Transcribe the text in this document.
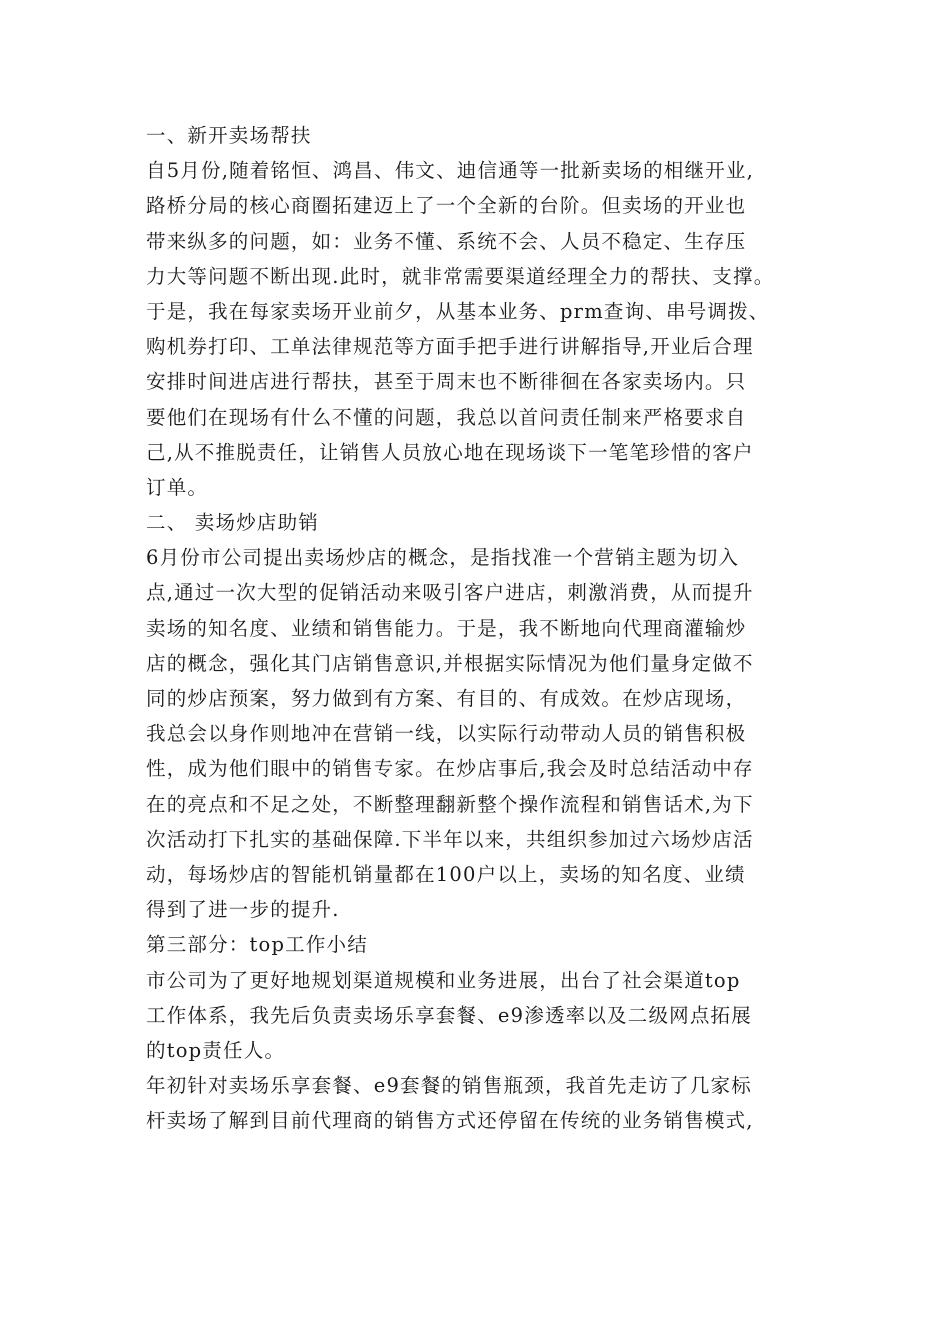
一、新开卖场帮扶
自5月份,随着铭恒、鸿昌、伟文、迪信通等一批新卖场的相继开业,
路桥分局的核心商圈拓建迈上了一个全新的台阶。但卖场的开业也
带来纵多的问题，如：业务不懂、系统不会、人员不稳定、生存压
力大等问题不断出现.此时，就非常需要渠道经理全力的帮扶、支撑。
于是，我在每家卖场开业前夕，从基本业务、prm查询、串号调拨、
购机券打印、工单法律规范等方面手把手进行讲解指导,开业后合理
安排时间进店进行帮扶，甚至于周末也不断徘徊在各家卖场内。只
要他们在现场有什么不懂的问题，我总以首问责任制来严格要求自
己,从不推脱责任，让销售人员放心地在现场谈下一笔笔珍惜的客户
订单。
二、 卖场炒店助销
6月份市公司提出卖场炒店的概念，是指找准一个营销主题为切入
点,通过一次大型的促销活动来吸引客户进店，刺激消费，从而提升
卖场的知名度、业绩和销售能力。于是，我不断地向代理商灌输炒
店的概念，强化其门店销售意识,并根据实际情况为他们量身定做不
同的炒店预案，努力做到有方案、有目的、有成效。在炒店现场，
我总会以身作则地冲在营销一线，以实际行动带动人员的销售积极
性，成为他们眼中的销售专家。在炒店事后,我会及时总结活动中存
在的亮点和不足之处，不断整理翻新整个操作流程和销售话术,为下
次活动打下扎实的基础保障.下半年以来，共组织参加过六场炒店活
动，每场炒店的智能机销量都在100户以上，卖场的知名度、业绩
得到了进一步的提升.
第三部分：top工作小结
市公司为了更好地规划渠道规模和业务进展，出台了社会渠道top
工作体系，我先后负责卖场乐享套餐、e9渗透率以及二级网点拓展
的top责任人。
年初针对卖场乐享套餐、e9套餐的销售瓶颈，我首先走访了几家标
杆卖场了解到目前代理商的销售方式还停留在传统的业务销售模式,
